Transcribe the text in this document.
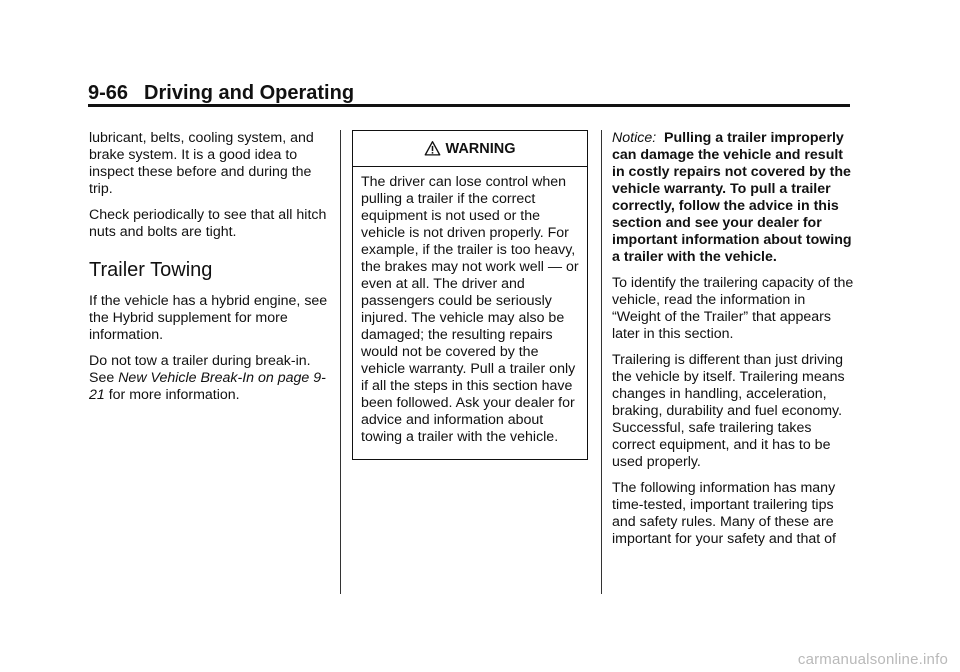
9-66 Driving and Operating

lubricant, belts, cooling system, and brake system. It is a good idea to inspect these before and during the trip.

Check periodically to see that all hitch nuts and bolts are tight.

Trailer Towing

If the vehicle has a hybrid engine, see the Hybrid supplement for more information.

Do not tow a trailer during break-in. See New Vehicle Break-In on page 9-21 for more information.

WARNING

The driver can lose control when pulling a trailer if the correct equipment is not used or the vehicle is not driven properly. For example, if the trailer is too heavy, the brakes may not work well — or even at all. The driver and passengers could be seriously injured. The vehicle may also be damaged; the resulting repairs would not be covered by the vehicle warranty. Pull a trailer only if all the steps in this section have been followed. Ask your dealer for advice and information about towing a trailer with the vehicle.

Notice: Pulling a trailer improperly can damage the vehicle and result in costly repairs not covered by the vehicle warranty. To pull a trailer correctly, follow the advice in this section and see your dealer for important information about towing a trailer with the vehicle.

To identify the trailering capacity of the vehicle, read the information in “Weight of the Trailer” that appears later in this section.

Trailering is different than just driving the vehicle by itself. Trailering means changes in handling, acceleration, braking, durability and fuel economy. Successful, safe trailering takes correct equipment, and it has to be used properly.

The following information has many time-tested, important trailering tips and safety rules. Many of these are important for your safety and that of

carmanualsonline.info
